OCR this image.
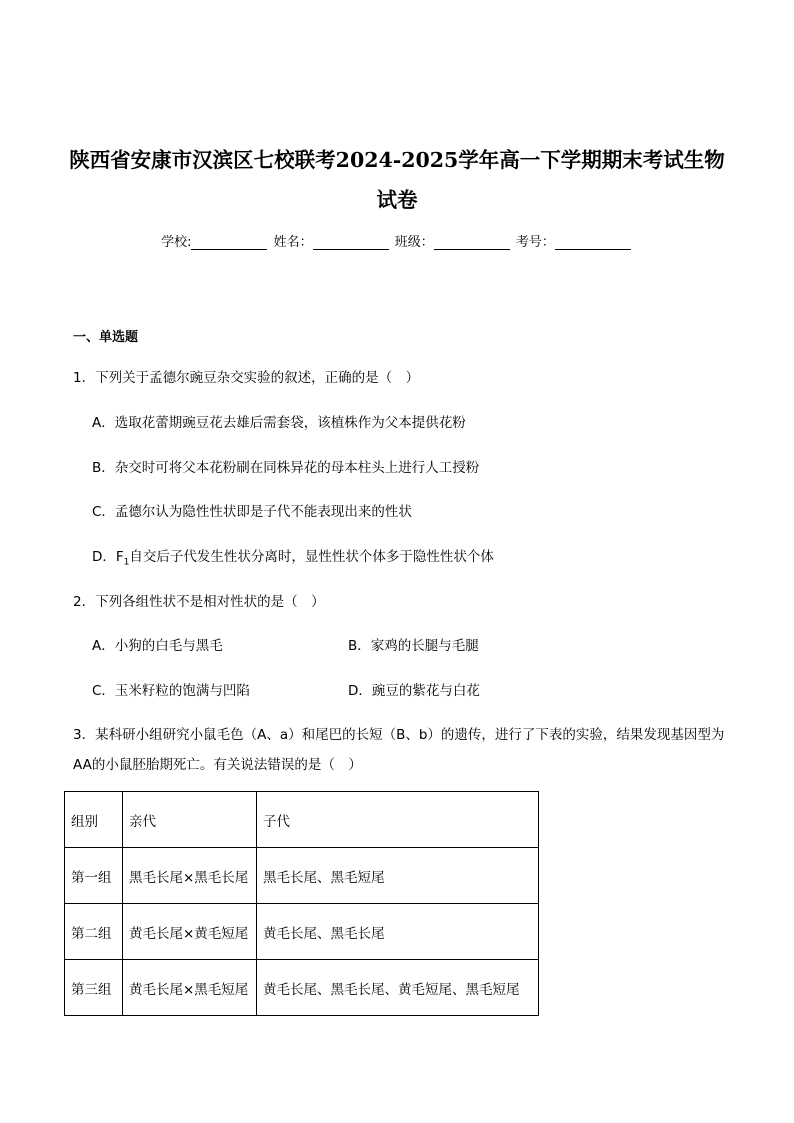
陕西省安康市汉滨区七校联考2024-2025学年高一下学期期末考试生物试卷
学校:	姓名：	班级：	考号：
一、单选题
1．下列关于孟德尔豌豆杂交实验的叙述，正确的是（　）
A．选取花蕾期豌豆花去雄后需套袋，该植株作为父本提供花粉
B．杂交时可将父本花粉刷在同株异花的母本柱头上进行人工授粉
C．孟德尔认为隐性性状即是子代不能表现出来的性状
D．$F_1$自交后子代发生性状分离时，显性性状个体多于隐性性状个体
2．下列各组性状不是相对性状的是（　）
A．小狗的白毛与黑毛	B．家鸡的长腿与毛腿
C．玉米籽粒的饱满与凹陷	D．豌豆的紫花与白花
3．某科研小组研究小鼠毛色（A、a）和尾巴的长短（B、b）的遗传，进行了下表的实验，结果发现基因型为AA的小鼠胚胎期死亡。有关说法错误的是（　）
组别	亲代	子代
第一组	黑毛长尾×黑毛长尾	黑毛长尾、黑毛短尾
第二组	黄毛长尾×黄毛短尾	黄毛长尾、黑毛长尾
第三组	黄毛长尾×黑毛短尾	黄毛长尾、黑毛长尾、黄毛短尾、黑毛短尾
